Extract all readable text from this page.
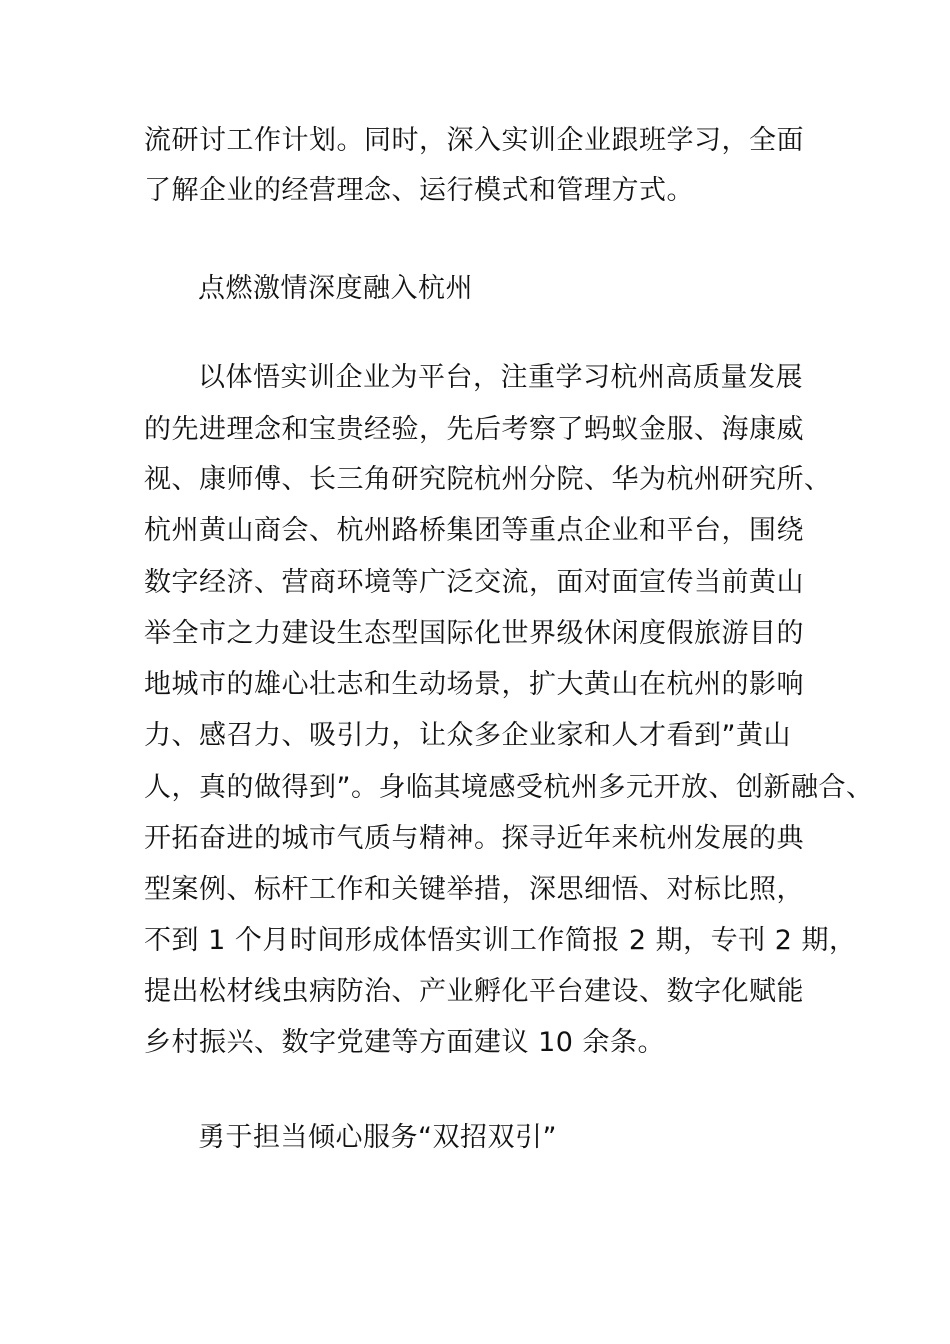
流研讨工作计划。同时，深入实训企业跟班学习，全面
了解企业的经营理念、运行模式和管理方式。
点燃激情深度融入杭州
以体悟实训企业为平台，注重学习杭州高质量发展
的先进理念和宝贵经验，先后考察了蚂蚁金服、海康威
视、康师傅、长三角研究院杭州分院、华为杭州研究所、
杭州黄山商会、杭州路桥集团等重点企业和平台，围绕
数字经济、营商环境等广泛交流，面对面宣传当前黄山
举全市之力建设生态型国际化世界级休闲度假旅游目的
地城市的雄心壮志和生动场景，扩大黄山在杭州的影响
力、感召力、吸引力，让众多企业家和人才看到”黄山
人，真的做得到”。身临其境感受杭州多元开放、创新融合、
开拓奋进的城市气质与精神。探寻近年来杭州发展的典
型案例、标杆工作和关键举措，深思细悟、对标比照，
不到 1 个月时间形成体悟实训工作简报 2 期，专刊 2 期，
提出松材线虫病防治、产业孵化平台建设、数字化赋能
乡村振兴、数字党建等方面建议 10 余条。
勇于担当倾心服务“双招双引”
